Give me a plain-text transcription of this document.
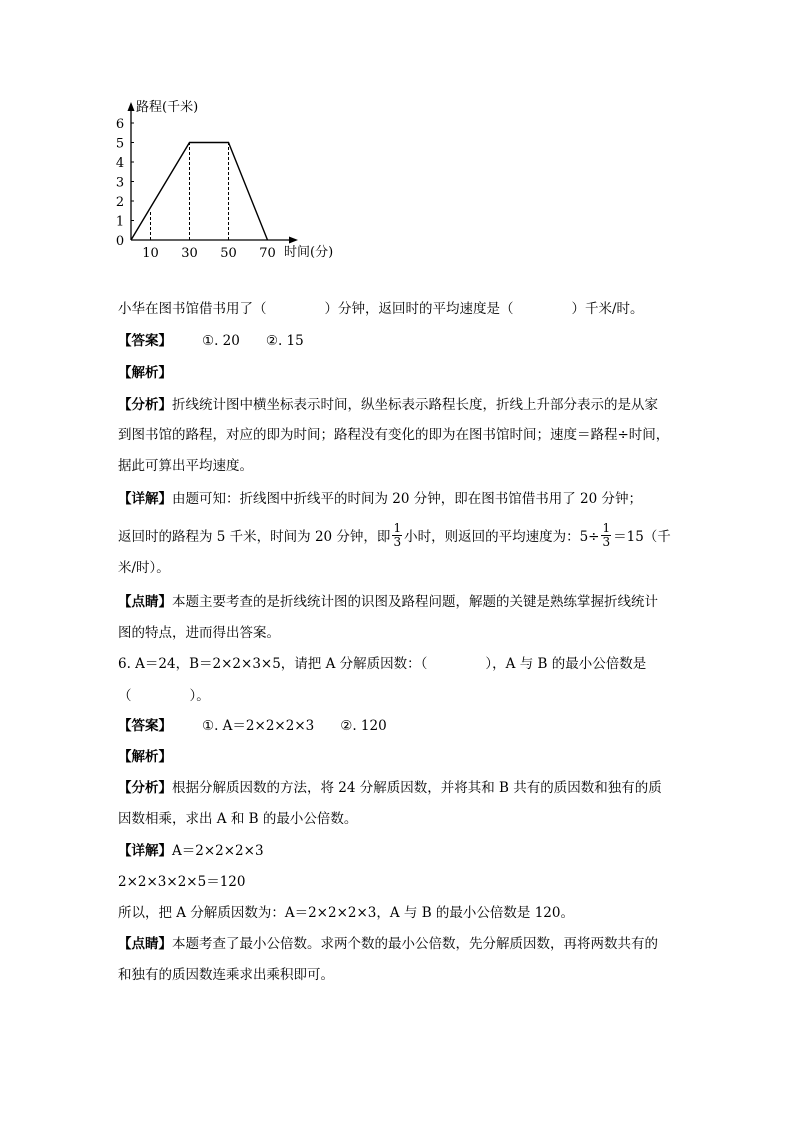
6
5
4
3
2
1
0
10 30 50 70
路程(千米)
时间(分)
小华在图书馆借书用了（	）分钟，返回时的平均速度是（	）千米/时。
【答案】 ①. 20 ②. 15
【解析】
【分析】折线统计图中横坐标表示时间，纵坐标表示路程长度，折线上升部分表示的是从家
到图书馆的路程，对应的即为时间；路程没有变化的即为在图书馆时间；速度＝路程÷时间，
据此可算出平均速度。
【详解】由题可知：折线图中折线平的时间为 20 分钟，即在图书馆借书用了 20 分钟；
返回时的路程为 5 千米，时间为 20 分钟，即 $\frac{1}{3}$ 小时，则返回的平均速度为：$5\div \frac{1}{3} =15$（千
米/时）。
【点睛】本题主要考查的是折线统计图的识图及路程问题，解题的关键是熟练掌握折线统计
图的特点，进而得出答案。
6. A＝24，B＝2×2×3×5，请把 A 分解质因数：（	），A 与 B 的最小公倍数是
（	）。
【答案】 ①. A＝2×2×2×3 ②. 120
【解析】
【分析】根据分解质因数的方法，将 24 分解质因数，并将其和 B 共有的质因数和独有的质
因数相乘，求出 A 和 B 的最小公倍数。
【详解】A＝2×2×2×3
2×2×3×2×5＝120
所以，把 A 分解质因数为：A＝2×2×2×3，A 与 B 的最小公倍数是 120。
【点睛】本题考查了最小公倍数。求两个数的最小公倍数，先分解质因数，再将两数共有的
和独有的质因数连乘求出乘积即可。
